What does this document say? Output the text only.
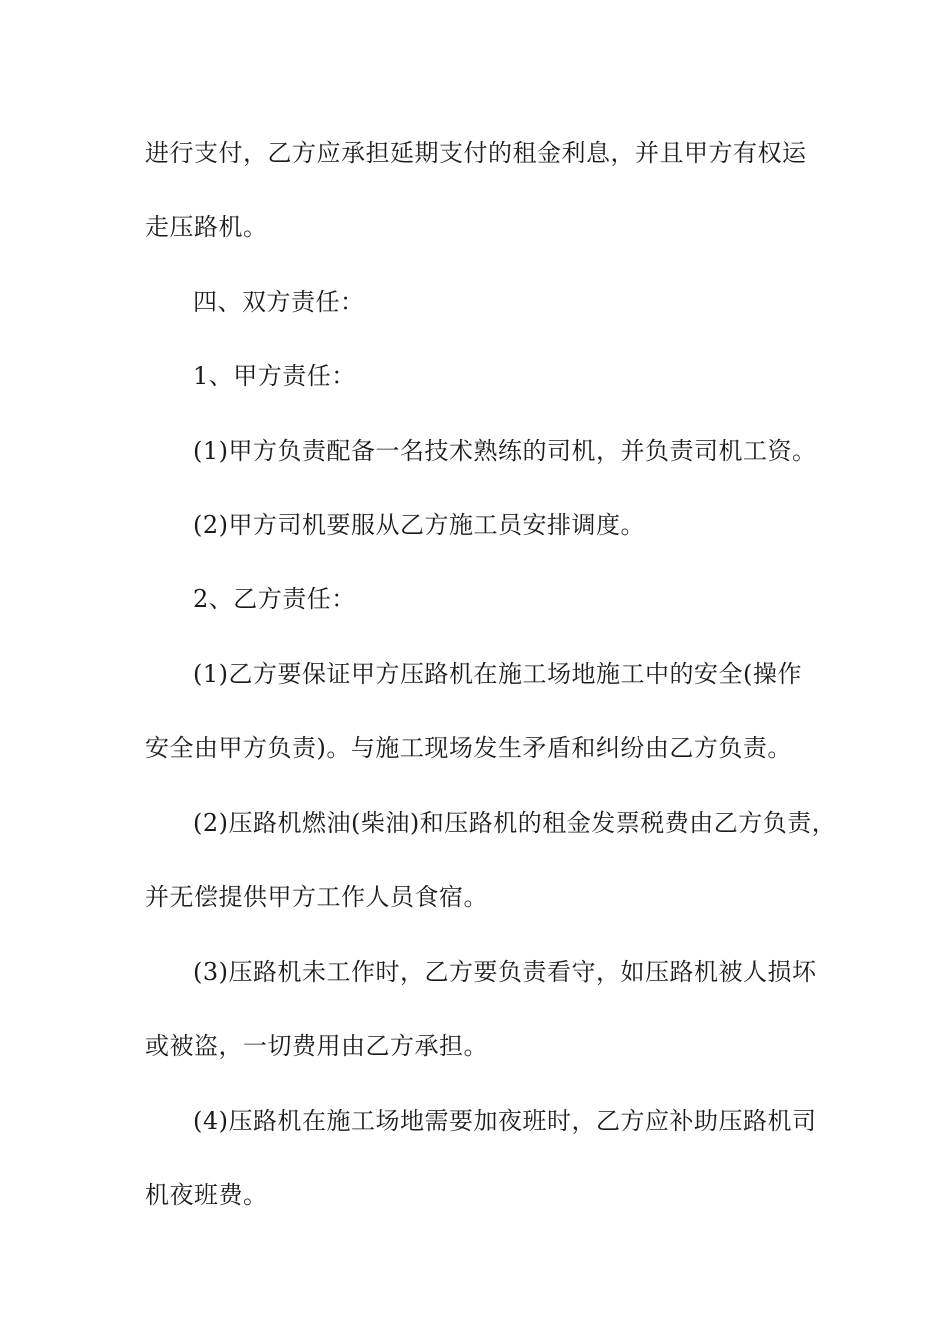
进行支付，乙方应承担延期支付的租金利息，并且甲方有权运

走压路机。

四、双方责任：

1、甲方责任：

(1)甲方负责配备一名技术熟练的司机，并负责司机工资。

(2)甲方司机要服从乙方施工员安排调度。

2、乙方责任：

(1)乙方要保证甲方压路机在施工场地施工中的安全(操作

安全由甲方负责)。与施工现场发生矛盾和纠纷由乙方负责。

(2)压路机燃油(柴油)和压路机的租金发票税费由乙方负责，

并无偿提供甲方工作人员食宿。

(3)压路机未工作时，乙方要负责看守，如压路机被人损坏

或被盗，一切费用由乙方承担。

(4)压路机在施工场地需要加夜班时，乙方应补助压路机司

机夜班费。
